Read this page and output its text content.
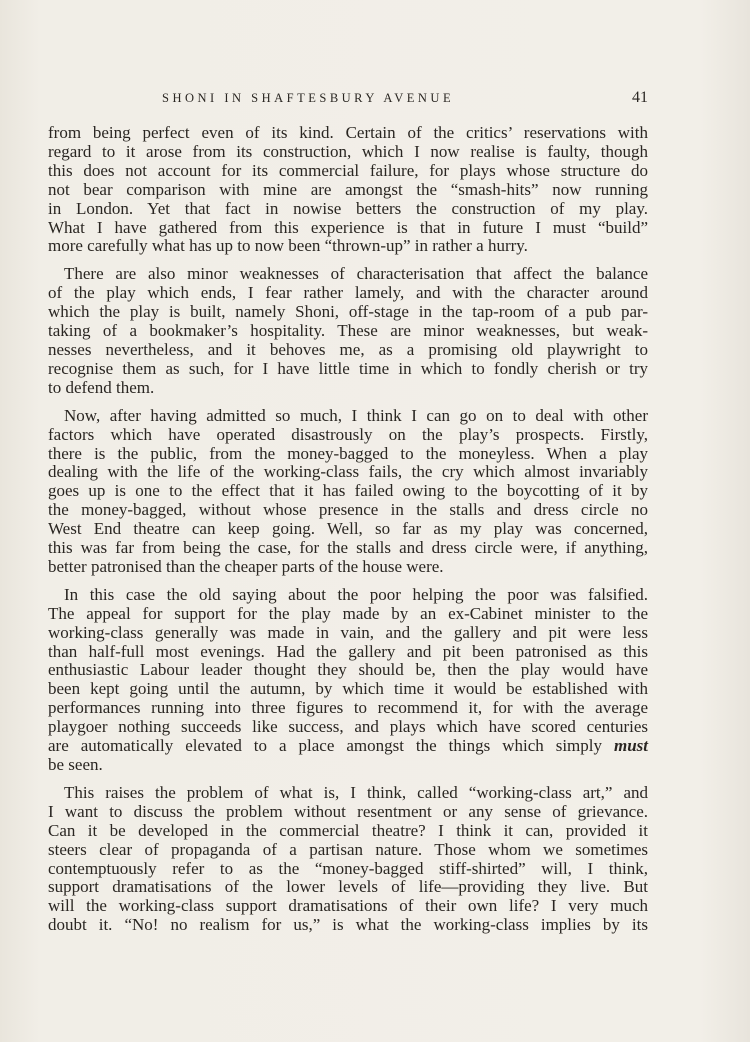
SHONI IN SHAFTESBURY AVENUE	41

from being perfect even of its kind. Certain of the critics’ reservations with
regard to it arose from its construction, which I now realise is faulty, though
this does not account for its commercial failure, for plays whose structure do
not bear comparison with mine are amongst the “smash-hits” now running
in London. Yet that fact in nowise betters the construction of my play.
What I have gathered from this experience is that in future I must “build”
more carefully what has up to now been “thrown-up” in rather a hurry.

There are also minor weaknesses of characterisation that affect the balance
of the play which ends, I fear rather lamely, and with the character around
which the play is built, namely Shoni, off-stage in the tap-room of a pub par-
taking of a bookmaker’s hospitality. These are minor weaknesses, but weak-
nesses nevertheless, and it behoves me, as a promising old playwright to
recognise them as such, for I have little time in which to fondly cherish or try
to defend them.

Now, after having admitted so much, I think I can go on to deal with other
factors which have operated disastrously on the play’s prospects. Firstly,
there is the public, from the money-bagged to the moneyless. When a play
dealing with the life of the working-class fails, the cry which almost invariably
goes up is one to the effect that it has failed owing to the boycotting of it by
the money-bagged, without whose presence in the stalls and dress circle no
West End theatre can keep going. Well, so far as my play was concerned,
this was far from being the case, for the stalls and dress circle were, if anything,
better patronised than the cheaper parts of the house were.

In this case the old saying about the poor helping the poor was falsified.
The appeal for support for the play made by an ex-Cabinet minister to the
working-class generally was made in vain, and the gallery and pit were less
than half-full most evenings. Had the gallery and pit been patronised as this
enthusiastic Labour leader thought they should be, then the play would have
been kept going until the autumn, by which time it would be established with
performances running into three figures to recommend it, for with the average
playgoer nothing succeeds like success, and plays which have scored centuries
are automatically elevated to a place amongst the things which simply must
be seen.

This raises the problem of what is, I think, called “working-class art,” and
I want to discuss the problem without resentment or any sense of grievance.
Can it be developed in the commercial theatre? I think it can, provided it
steers clear of propaganda of a partisan nature. Those whom we sometimes
contemptuously refer to as the “money-bagged stiff-shirted” will, I think,
support dramatisations of the lower levels of life—providing they live. But
will the working-class support dramatisations of their own life? I very much
doubt it. “No! no realism for us,” is what the working-class implies by its
